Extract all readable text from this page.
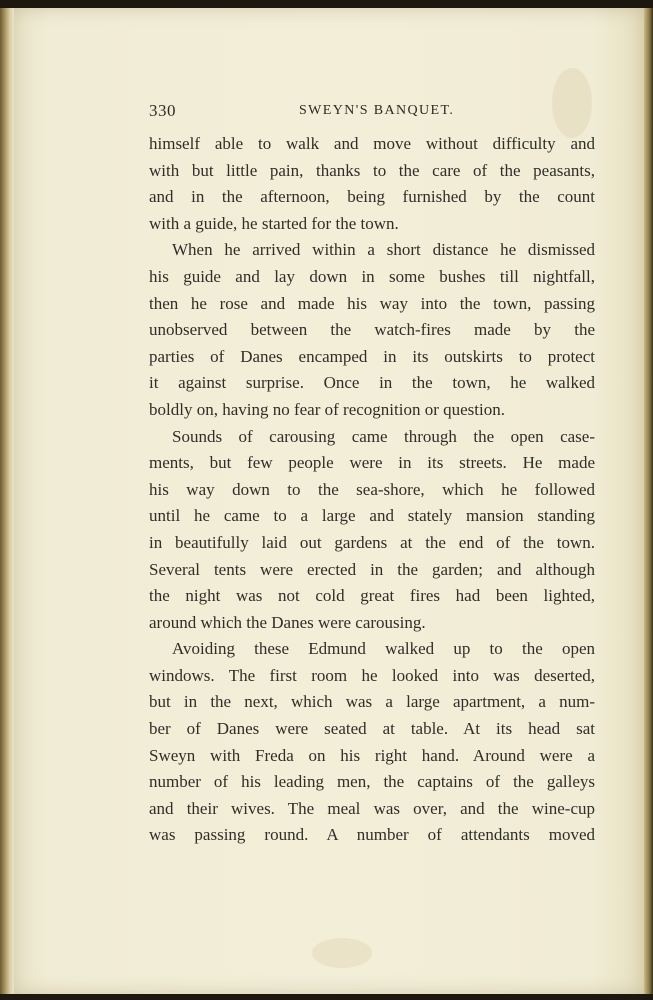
330	SWEYN'S BANQUET.
himself able to walk and move without difficulty and
with but little pain, thanks to the care of the peasants,
and in the afternoon, being furnished by the count
with a guide, he started for the town.
When he arrived within a short distance he dismissed
his guide and lay down in some bushes till nightfall,
then he rose and made his way into the town, passing
unobserved between the watch-fires made by the
parties of Danes encamped in its outskirts to protect
it against surprise. Once in the town, he walked
boldly on, having no fear of recognition or question.
Sounds of carousing came through the open case-
ments, but few people were in its streets. He made
his way down to the sea-shore, which he followed
until he came to a large and stately mansion standing
in beautifully laid out gardens at the end of the town.
Several tents were erected in the garden; and although
the night was not cold great fires had been lighted,
around which the Danes were carousing.
Avoiding these Edmund walked up to the open
windows. The first room he looked into was deserted,
but in the next, which was a large apartment, a num-
ber of Danes were seated at table. At its head sat
Sweyn with Freda on his right hand. Around were a
number of his leading men, the captains of the galleys
and their wives. The meal was over, and the wine-cup
was passing round. A number of attendants moved
